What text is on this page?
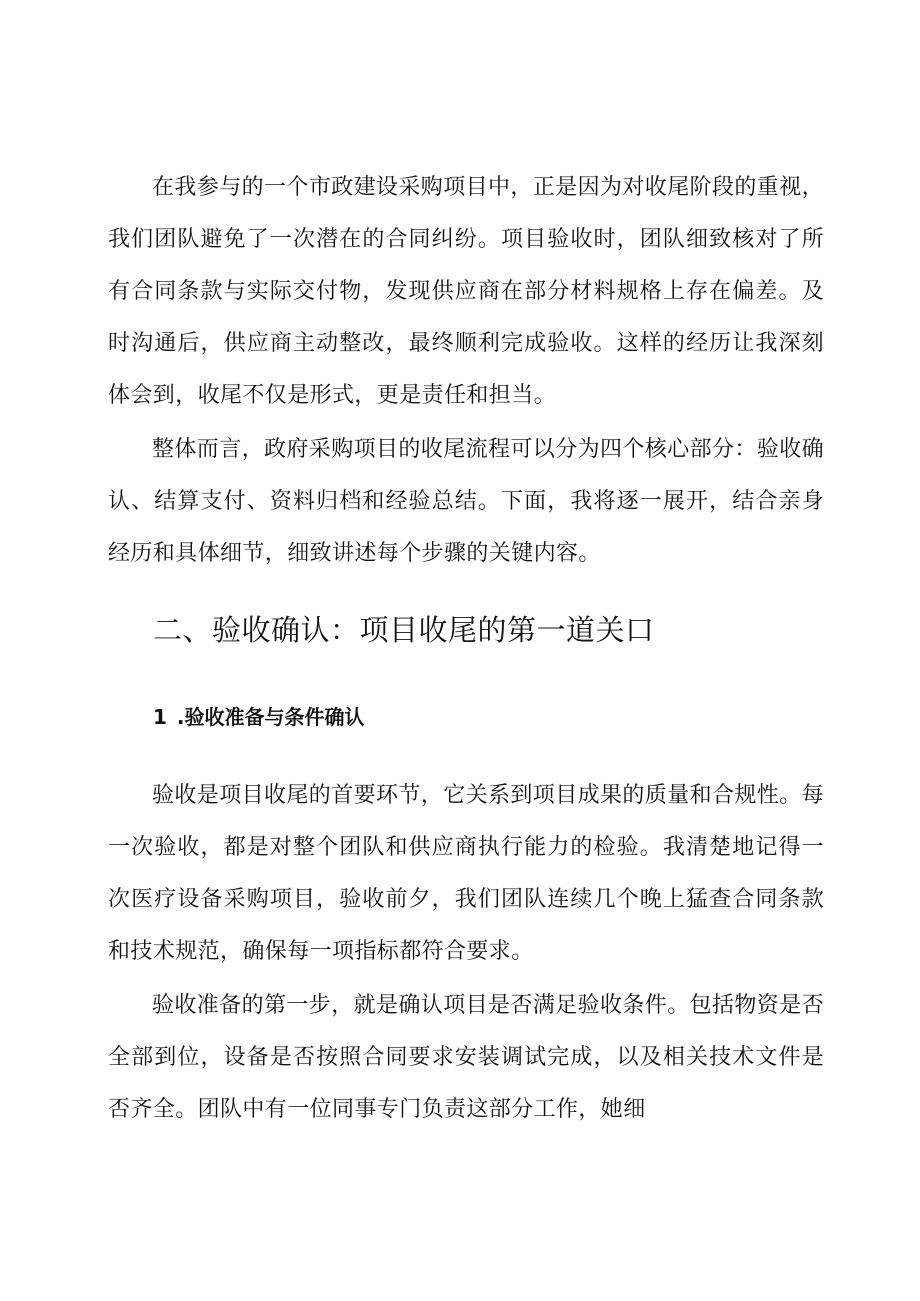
在我参与的一个市政建设采购项目中，正是因为对收尾阶段的重视，我们团队避免了一次潜在的合同纠纷。项目验收时，团队细致核对了所有合同条款与实际交付物，发现供应商在部分材料规格上存在偏差。及时沟通后，供应商主动整改，最终顺利完成验收。这样的经历让我深刻体会到，收尾不仅是形式，更是责任和担当。

整体而言，政府采购项目的收尾流程可以分为四个核心部分：验收确认、结算支付、资料归档和经验总结。下面，我将逐一展开，结合亲身经历和具体细节，细致讲述每个步骤的关键内容。

二、验收确认：项目收尾的第一道关口
1 .验收准备与条件确认

验收是项目收尾的首要环节，它关系到项目成果的质量和合规性。每一次验收，都是对整个团队和供应商执行能力的检验。我清楚地记得一次医疗设备采购项目，验收前夕，我们团队连续几个晚上猛查合同条款和技术规范，确保每一项指标都符合要求。

验收准备的第一步，就是确认项目是否满足验收条件。包括物资是否全部到位，设备是否按照合同要求安装调试完成，以及相关技术文件是否齐全。团队中有一位同事专门负责这部分工作，她细
